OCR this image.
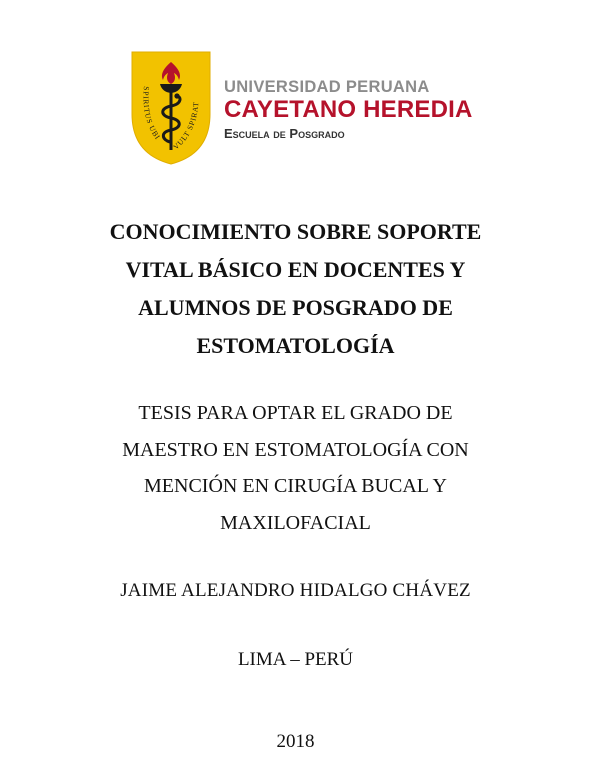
SPIRITUS UBI
VULT SPIRAT
UNIVERSIDAD PERUANA
CAYETANO HEREDIA
Escuela de Posgrado
CONOCIMIENTO SOBRE SOPORTE
VITAL BÁSICO EN DOCENTES Y
ALUMNOS DE POSGRADO DE
ESTOMATOLOGÍA
TESIS PARA OPTAR EL GRADO DE
MAESTRO EN ESTOMATOLOGÍA CON
MENCIÓN EN CIRUGÍA BUCAL Y
MAXILOFACIAL
JAIME ALEJANDRO HIDALGO CHÁVEZ
LIMA – PERÚ
2018
